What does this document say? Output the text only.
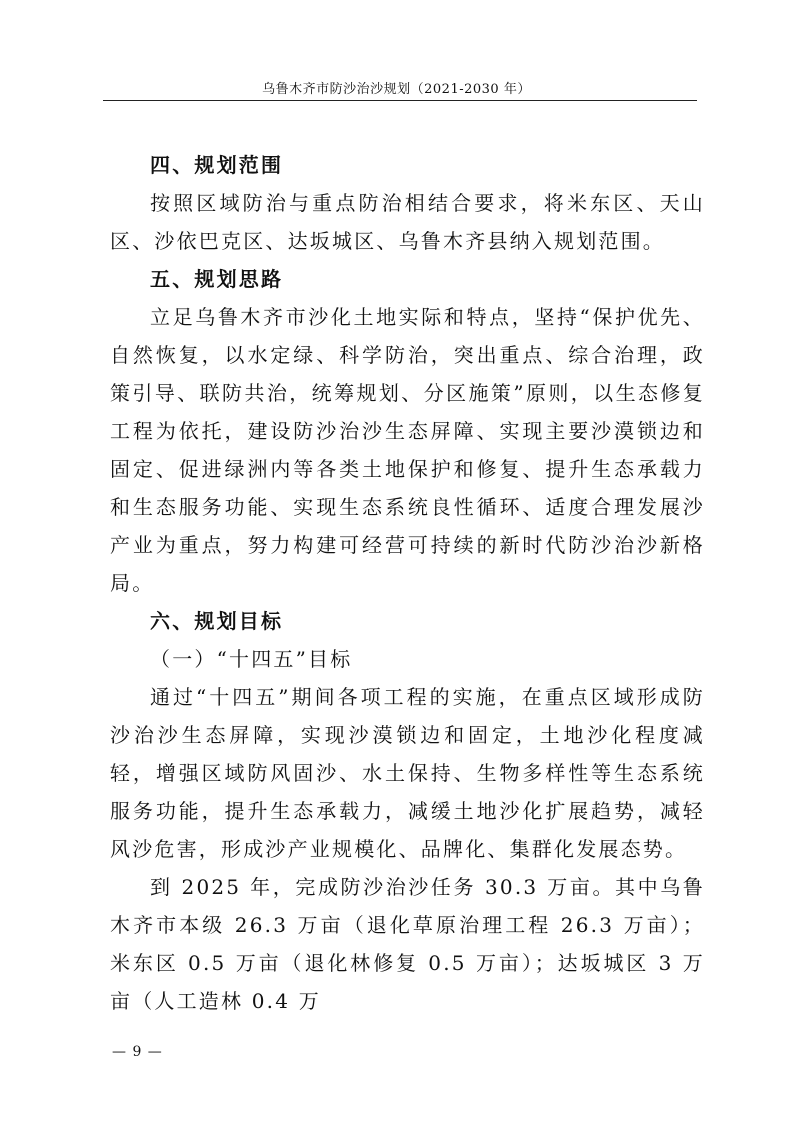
乌鲁木齐市防沙治沙规划（2021-2030 年）
四、规划范围

按照区域防治与重点防治相结合要求，将米东区、天山区、沙依巴克区、达坂城区、乌鲁木齐县纳入规划范围。

五、规划思路

立足乌鲁木齐市沙化土地实际和特点，坚持“保护优先、自然恢复，以水定绿、科学防治，突出重点、综合治理，政策引导、联防共治，统筹规划、分区施策”原则，以生态修复工程为依托，建设防沙治沙生态屏障、实现主要沙漠锁边和固定、促进绿洲内等各类土地保护和修复、提升生态承载力和生态服务功能、实现生态系统良性循环、适度合理发展沙产业为重点，努力构建可经营可持续的新时代防沙治沙新格局。

六、规划目标
（一）“十四五”目标

通过“十四五”期间各项工程的实施，在重点区域形成防沙治沙生态屏障，实现沙漠锁边和固定，土地沙化程度减轻，增强区域防风固沙、水土保持、生物多样性等生态系统服务功能，提升生态承载力，减缓土地沙化扩展趋势，减轻风沙危害，形成沙产业规模化、品牌化、集群化发展态势。

到 2025 年，完成防沙治沙任务 30.3 万亩。其中乌鲁木齐市本级 26.3 万亩（退化草原治理工程 26.3 万亩）；米东区 0.5 万亩（退化林修复 0.5 万亩）；达坂城区 3 万亩（人工造林 0.4 万

— 9 —
